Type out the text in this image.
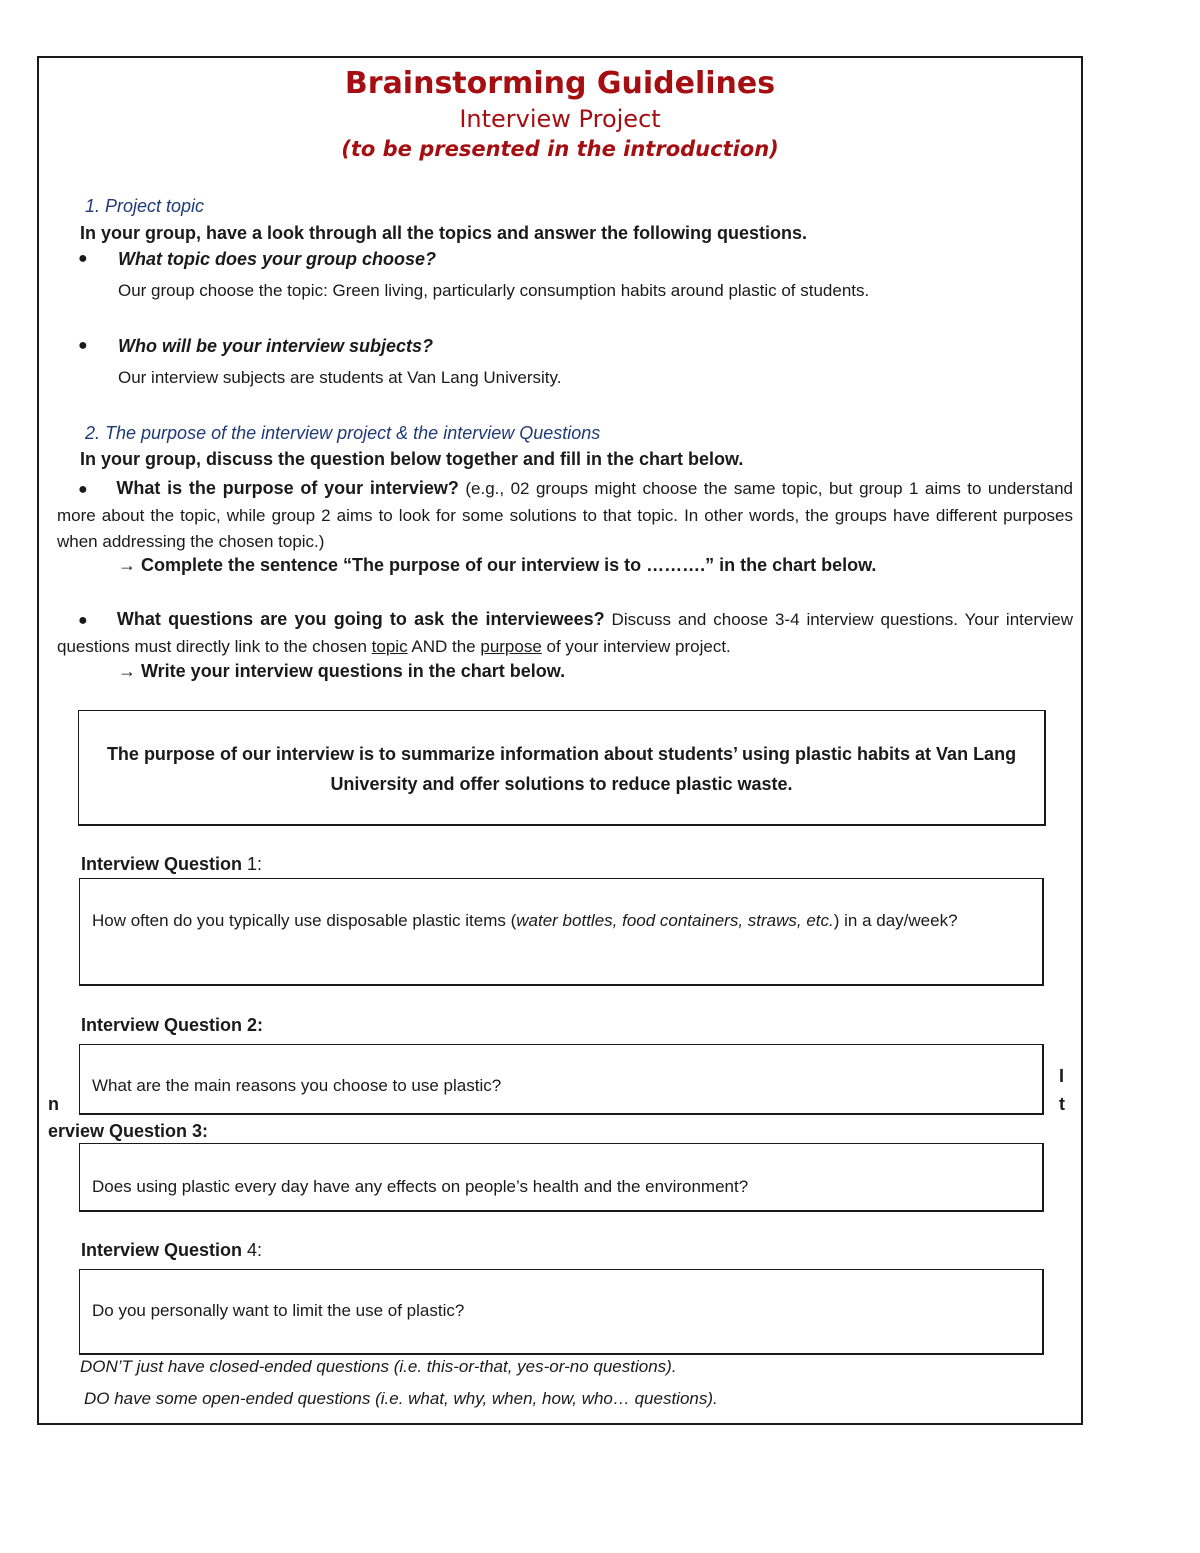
Brainstorming Guidelines
Interview Project
(to be presented in the introduction)
1. Project topic
In your group, have a look through all the topics and answer the following questions.
● What topic does your group choose?
Our group choose the topic: Green living, particularly consumption habits around plastic of students.
● Who will be your interview subjects?
Our interview subjects are students at Van Lang University.
2. The purpose of the interview project & the interview Questions
In your group, discuss the question below together and fill in the chart below.
● What is the purpose of your interview? (e.g., 02 groups might choose the same topic, but group 1 aims to understand more about the topic, while group 2 aims to look for some solutions to that topic. In other words, the groups have different purposes when addressing the chosen topic.)
→ Complete the sentence “The purpose of our interview is to ……….” in the chart below.
● What questions are you going to ask the interviewees? Discuss and choose 3-4 interview questions. Your interview questions must directly link to the chosen topic AND the purpose of your interview project.
→ Write your interview questions in the chart below.
The purpose of our interview is to summarize information about students’ using plastic habits at Van Lang University and offer solutions to reduce plastic waste.
Interview Question 1:
How often do you typically use disposable plastic items (water bottles, food containers, straws, etc.) in a day/week?
Interview Question 2:
What are the main reasons you choose to use plastic?
n
I
t
erview Question 3:
Does using plastic every day have any effects on people’s health and the environment?
Interview Question 4:
Do you personally want to limit the use of plastic?
DON’T just have closed-ended questions (i.e. this-or-that, yes-or-no questions).
DO have some open-ended questions (i.e. what, why, when, how, who… questions).
